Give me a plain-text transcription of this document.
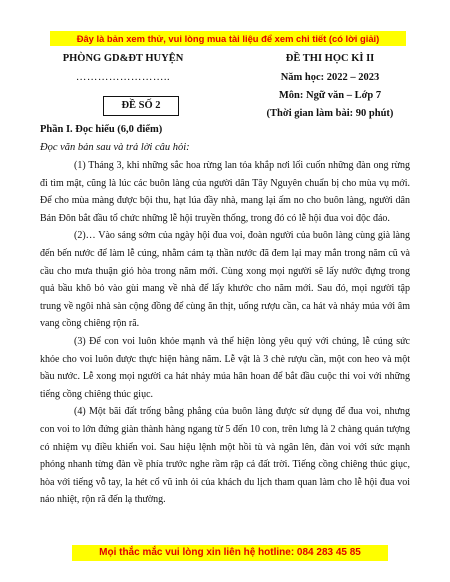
Đây là bản xem thử, vui lòng mua tài liệu để xem chi tiết (có lời giải)
PHÒNG GD&ĐT HUYỆN
……………………..
ĐỀ SỐ 2
ĐỀ THI HỌC KÌ II
Năm học: 2022 – 2023
Môn: Ngữ văn – Lớp 7
(Thời gian làm bài: 90 phút)
Phần I. Đọc hiểu (6,0 điểm)
Đọc văn bản sau và trả lời câu hỏi:

(1) Tháng 3, khi những sắc hoa rừng lan tỏa khắp nơi lối cuốn những đàn ong rừng đi tìm mật, cũng là lúc các buôn làng của người dân Tây Nguyên chuẩn bị cho mùa vụ mới. Để cho mùa màng được bội thu, hạt lúa đầy nhà, mang lại ấm no cho buôn làng, người dân Bản Đôn bắt đầu tổ chức những lễ hội truyền thống, trong đó có lễ hội đua voi độc đáo.

(2)… Vào sáng sớm của ngày hội đua voi, đoàn người của buôn làng cùng già làng đến bến nước để làm lễ cúng, nhằm cảm tạ thần nước đã đem lại may mắn trong năm cũ và cầu cho mưa thuận gió hòa trong năm mới. Cùng xong mọi người sẽ lấy nước đựng trong quả bầu khô bỏ vào gùi mang về nhà để lấy khước cho năm mới. Sau đó, mọi người tập trung về ngôi nhà sàn cộng đồng để cùng ăn thịt, uống rượu cần, ca hát và nhảy múa với âm vang cồng chiêng rộn rã.

(3) Để con voi luôn khỏe mạnh và thể hiện lòng yêu quý với chúng, lễ cúng sức khỏe cho voi luôn được thực hiện hàng năm. Lễ vật là 3 chè rượu cần, một con heo và một bầu nước. Lễ xong mọi người ca hát nhảy múa hân hoan để bắt đầu cuộc thi voi với những tiếng cồng chiêng thúc giục.

(4) Một bãi đất trống bằng phẳng của buôn làng được sử dụng để đua voi, nhưng con voi to lớn đứng giàn thành hàng ngang từ 5 đến 10 con, trên lưng là 2 chàng quản tượng có nhiệm vụ điều khiển voi. Sau hiệu lệnh một hồi tù và ngân lên, đàn voi với sức mạnh phóng nhanh từng đàn về phía trước nghe rầm rập cả đất trời. Tiếng cồng chiêng thúc giục, hòa với tiếng vỗ tay, la hét cổ vũ inh ỏi của khách du lịch tham quan làm cho lễ hội đua voi náo nhiệt, rộn rã đến lạ thường.

Mọi thắc mắc vui lòng xin liên hệ hotline: 084 283 45 85
